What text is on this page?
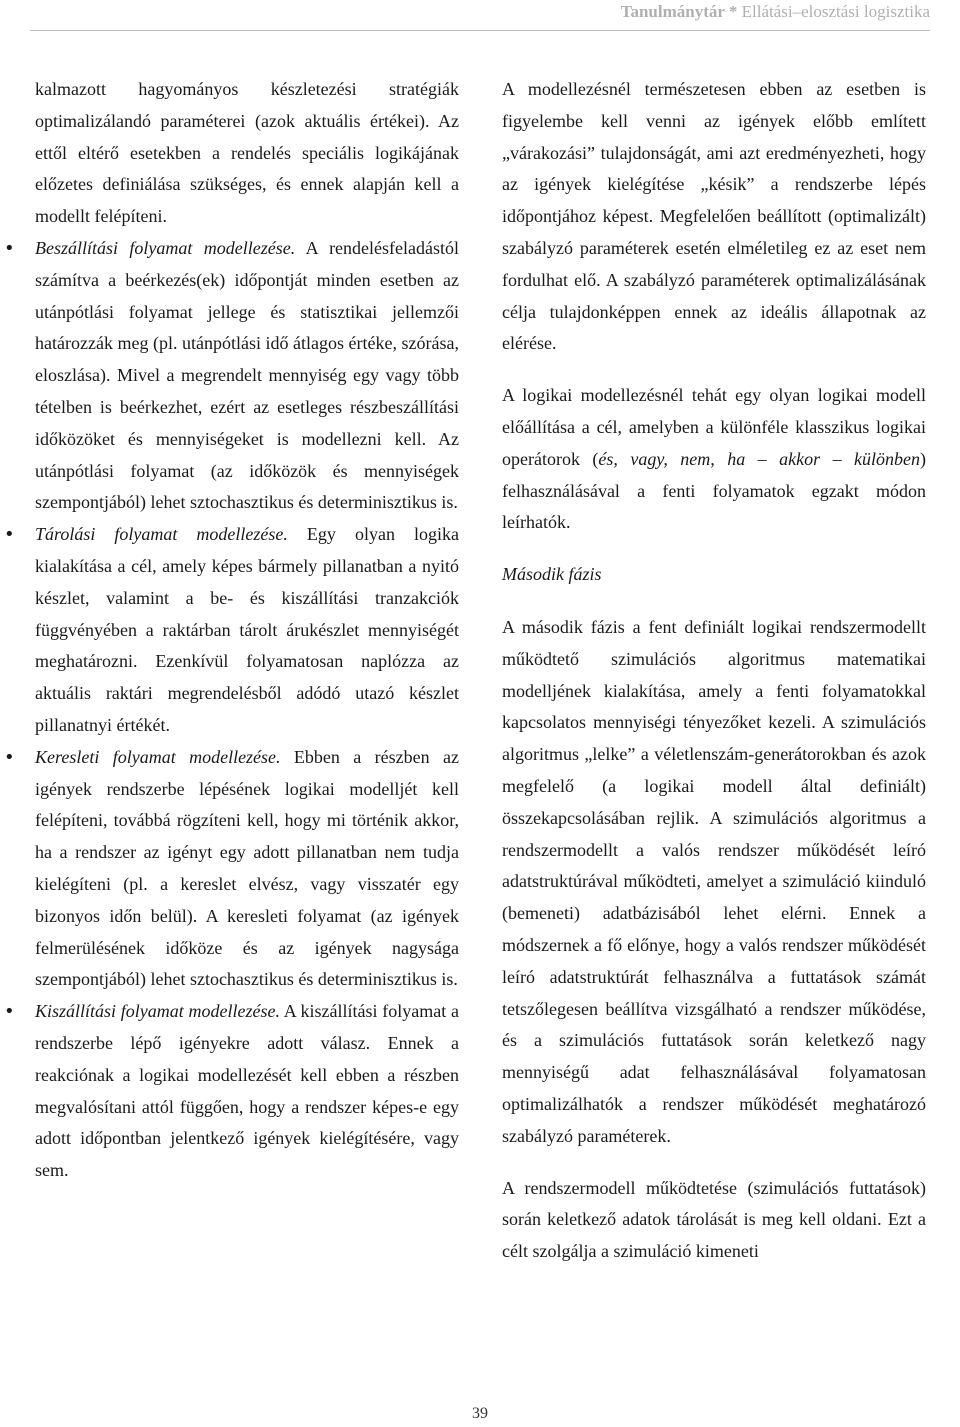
Tanulmánytár * Ellátási–elosztási logisztika

kalmazott hagyományos készletezési stratégiák optimalizálandó paraméterei (azok aktuális értékei). Az ettől eltérő esetekben a rendelés speciális logikájának előzetes definiálása szükséges, és ennek alapján kell a modellt felépíteni.

• Beszállítási folyamat modellezése. A rendelésfeladástól számítva a beérkezés(ek) időpontját minden esetben az utánpótlási folyamat jellege és statisztikai jellemzői határozzák meg (pl. utánpótlási idő átlagos értéke, szórása, eloszlása). Mivel a megrendelt mennyiség egy vagy több tételben is beérkezhet, ezért az esetleges részbeszállítási időközöket és mennyiségeket is modellezni kell. Az utánpótlási folyamat (az időközök és mennyiségek szempontjából) lehet sztochasztikus és determinisztikus is.

• Tárolási folyamat modellezése. Egy olyan logika kialakítása a cél, amely képes bármely pillanatban a nyitó készlet, valamint a be- és kiszállítási tranzakciók függvényében a raktárban tárolt árukészlet mennyiségét meghatározni. Ezenkívül folyamatosan naplózza az aktuális raktári megrendelésből adódó utazó készlet pillanatnyi értékét.

• Keresleti folyamat modellezése. Ebben a részben az igények rendszerbe lépésének logikai modelljét kell felépíteni, továbbá rögzíteni kell, hogy mi történik akkor, ha a rendszer az igényt egy adott pillanatban nem tudja kielégíteni (pl. a kereslet elvész, vagy visszatér egy bizonyos időn belül). A keresleti folyamat (az igények felmerülésének időköze és az igények nagysága szempontjából) lehet sztochasztikus és determinisztikus is.

• Kiszállítási folyamat modellezése. A kiszállítási folyamat a rendszerbe lépő igényekre adott válasz. Ennek a reakciónak a logikai modellezését kell ebben a részben megvalósítani attól függően, hogy a rendszer képes-e egy adott időpontban jelentkező igények kielégítésére, vagy sem.

A modellezésnél természetesen ebben az esetben is figyelembe kell venni az igények előbb említett „várakozási” tulajdonságát, ami azt eredményezheti, hogy az igények kielégítése „késik” a rendszerbe lépés időpontjához képest. Megfelelően beállított (optimalizált) szabályzó paraméterek esetén elméletileg ez az eset nem fordulhat elő. A szabályzó paraméterek optimalizálásának célja tulajdonképpen ennek az ideális állapotnak az elérése.

A logikai modellezésnél tehát egy olyan logikai modell előállítása a cél, amelyben a különféle klasszikus logikai operátorok (és, vagy, nem, ha – akkor – különben) felhasználásával a fenti folyamatok egzakt módon leírhatók.

Második fázis

A második fázis a fent definiált logikai rendszermodellt működtető szimulációs algoritmus matematikai modelljének kialakítása, amely a fenti folyamatokkal kapcsolatos mennyiségi tényezőket kezeli. A szimulációs algoritmus „lelke” a véletlenszám-generátorokban és azok megfelelő (a logikai modell által definiált) összekapcsolásában rejlik. A szimulációs algoritmus a rendszermodellt a valós rendszer működését leíró adatstruktúrával működteti, amelyet a szimuláció kiinduló (bemeneti) adatbázisából lehet elérni. Ennek a módszernek a fő előnye, hogy a valós rendszer működését leíró adatstruktúrát felhasználva a futtatások számát tetszőlegesen beállítva vizsgálható a rendszer működése, és a szimulációs futtatások során keletkező nagy mennyiségű adat felhasználásával folyamatosan optimalizálhatók a rendszer működését meghatározó szabályzó paraméterek.

A rendszermodell működtetése (szimulációs futtatások) során keletkező adatok tárolását is meg kell oldani. Ezt a célt szolgálja a szimuláció kimeneti

39
